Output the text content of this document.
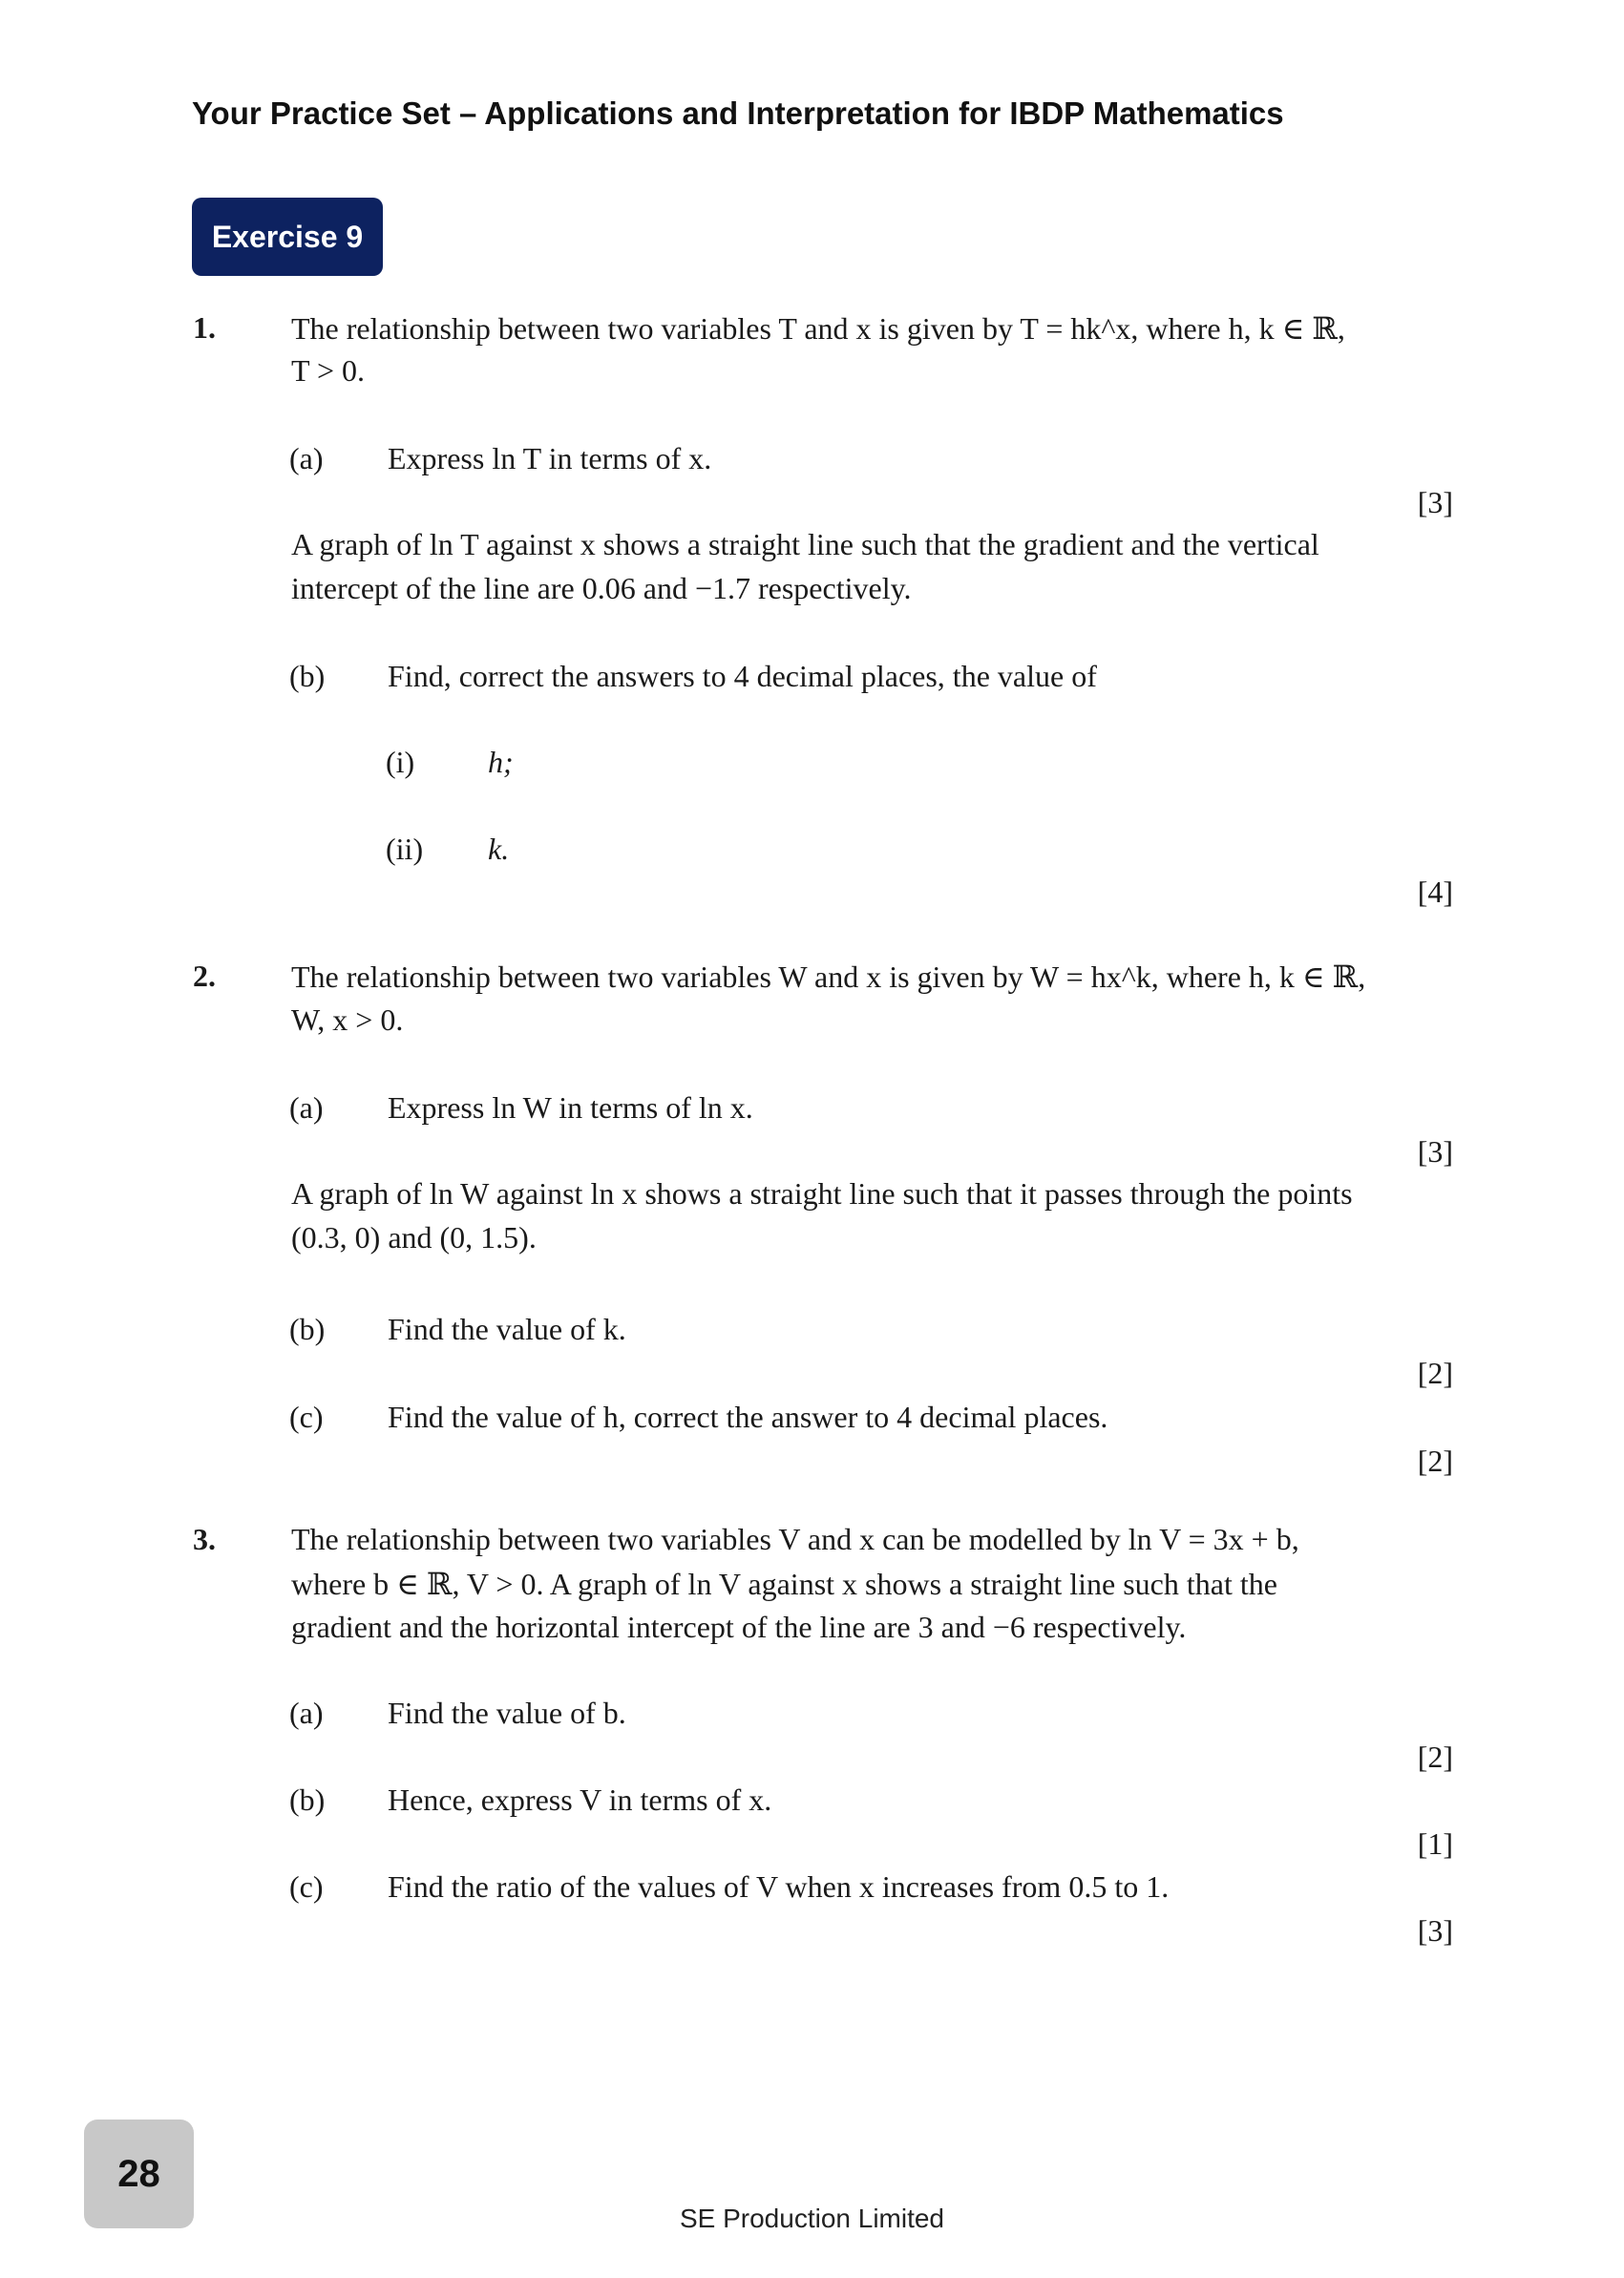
Your Practice Set – Applications and Interpretation for IBDP Mathematics
Exercise 9
1. The relationship between two variables T and x is given by T = hk^x, where h, k ∈ ℝ,
T > 0.
(a) Express ln T in terms of x.
[3]
A graph of ln T against x shows a straight line such that the gradient and the vertical
intercept of the line are 0.06 and −1.7 respectively.
(b) Find, correct the answers to 4 decimal places, the value of
(i) h;
(ii) k.
[4]
2. The relationship between two variables W and x is given by W = hx^k, where h, k ∈ ℝ,
W, x > 0.
(a) Express ln W in terms of ln x.
[3]
A graph of ln W against ln x shows a straight line such that it passes through the points
(0.3, 0) and (0, 1.5).
(b) Find the value of k.
[2]
(c) Find the value of h, correct the answer to 4 decimal places.
[2]
3. The relationship between two variables V and x can be modelled by ln V = 3x + b,
where b ∈ ℝ, V > 0. A graph of ln V against x shows a straight line such that the
gradient and the horizontal intercept of the line are 3 and −6 respectively.
(a) Find the value of b.
[2]
(b) Hence, express V in terms of x.
[1]
(c) Find the ratio of the values of V when x increases from 0.5 to 1.
[3]
28
SE Production Limited
